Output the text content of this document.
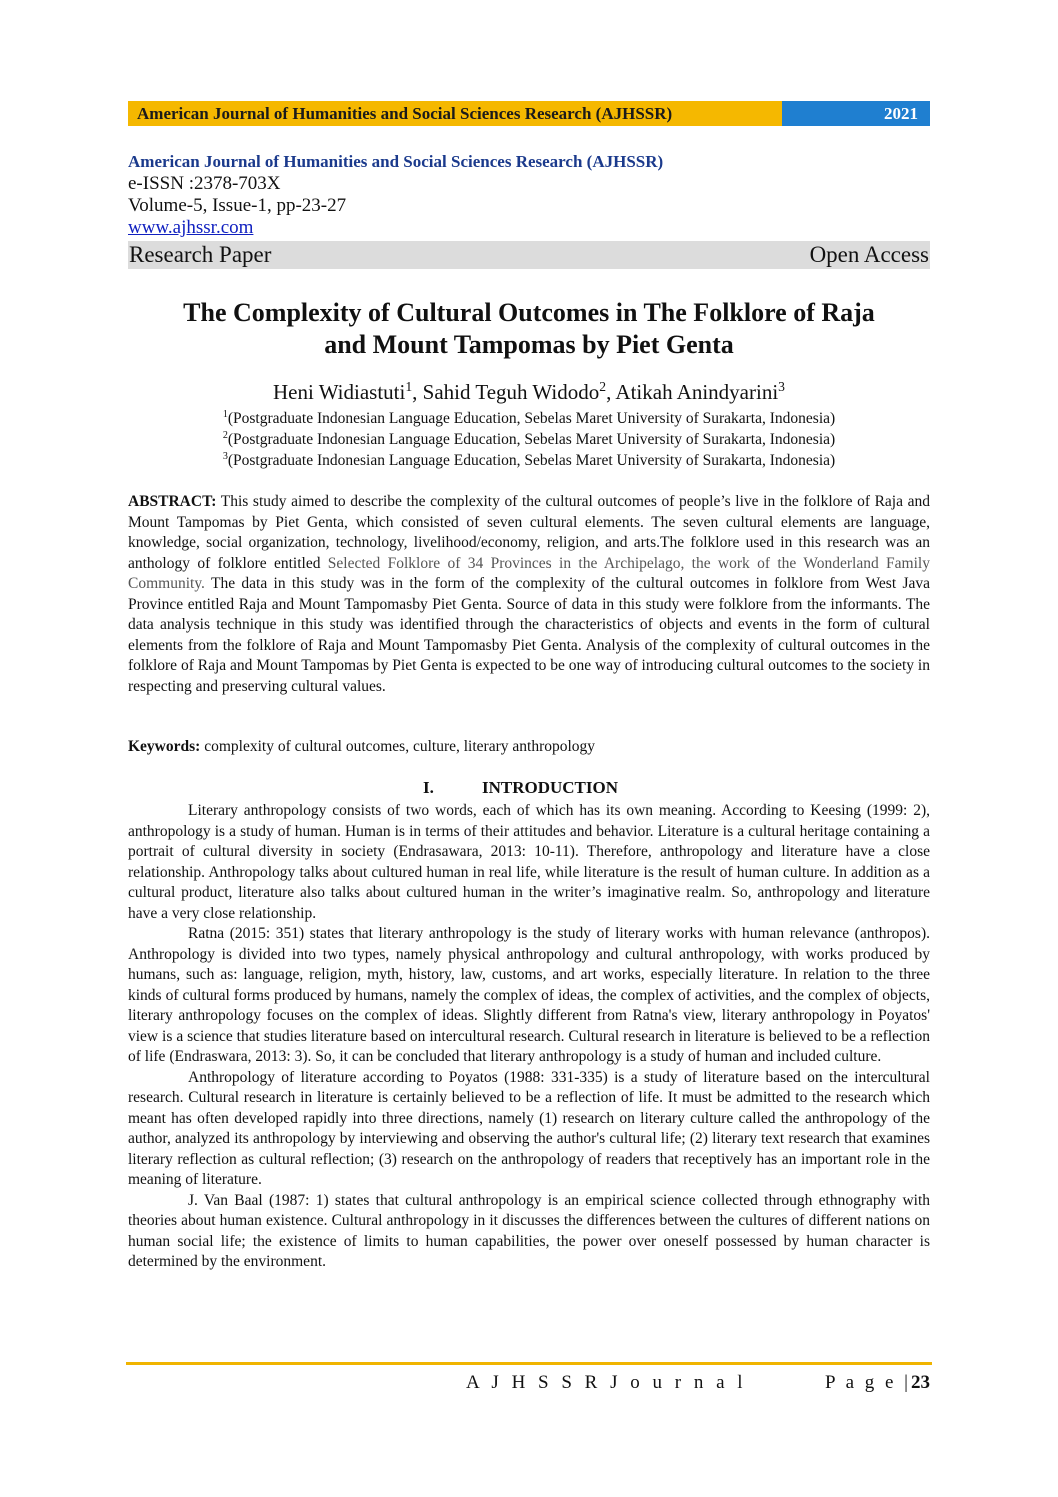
American Journal of Humanities and Social Sciences Research (AJHSSR)	2021
American Journal of Humanities and Social Sciences Research (AJHSSR)
e-ISSN :2378-703X
Volume-5, Issue-1, pp-23-27
www.ajhssr.com
Research Paper	Open Access
The Complexity of Cultural Outcomes in The Folklore of Raja
and Mount Tampomas by Piet Genta
Heni Widiastuti$^1$, Sahid Teguh Widodo$^2$, Atikah Anindyarini$^3$
$^1$(Postgraduate Indonesian Language Education, Sebelas Maret University of Surakarta, Indonesia)
$^2$(Postgraduate Indonesian Language Education, Sebelas Maret University of Surakarta, Indonesia)
$^3$(Postgraduate Indonesian Language Education, Sebelas Maret University of Surakarta, Indonesia)

ABSTRACT: This study aimed to describe the complexity of the cultural outcomes of people’s live in the folklore of Raja and Mount Tampomas by Piet Genta, which consisted of seven cultural elements. The seven cultural elements are language, knowledge, social organization, technology, livelihood/economy, religion, and arts.The folklore used in this research was an anthology of folklore entitled Selected Folklore of 34 Provinces in the Archipelago, the work of the Wonderland Family Community. The data in this study was in the form of the complexity of the cultural outcomes in folklore from West Java Province entitled Raja and Mount Tampomasby Piet Genta. Source of data in this study were folklore from the informants. The data analysis technique in this study was identified through the characteristics of objects and events in the form of cultural elements from the folklore of Raja and Mount Tampomasby Piet Genta. Analysis of the complexity of cultural outcomes in the folklore of Raja and Mount Tampomas by Piet Genta is expected to be one way of introducing cultural outcomes to the society in respecting and preserving cultural values.

Keywords: complexity of cultural outcomes, culture, literary anthropology
I.	INTRODUCTION

Literary anthropology consists of two words, each of which has its own meaning. According to Keesing (1999: 2), anthropology is a study of human. Human is in terms of their attitudes and behavior. Literature is a cultural heritage containing a portrait of cultural diversity in society (Endrasawara, 2013: 10-11). Therefore, anthropology and literature have a close relationship. Anthropology talks about cultured human in real life, while literature is the result of human culture. In addition as a cultural product, literature also talks about cultured human in the writer’s imaginative realm. So, anthropology and literature have a very close relationship.

Ratna (2015: 351) states that literary anthropology is the study of literary works with human relevance (anthropos). Anthropology is divided into two types, namely physical anthropology and cultural anthropology, with works produced by humans, such as: language, religion, myth, history, law, customs, and art works, especially literature. In relation to the three kinds of cultural forms produced by humans, namely the complex of ideas, the complex of activities, and the complex of objects, literary anthropology focuses on the complex of ideas. Slightly different from Ratna's view, literary anthropology in Poyatos' view is a science that studies literature based on intercultural research. Cultural research in literature is believed to be a reflection of life (Endraswara, 2013: 3). So, it can be concluded that literary anthropology is a study of human and included culture.

Anthropology of literature according to Poyatos (1988: 331-335) is a study of literature based on the intercultural research. Cultural research in literature is certainly believed to be a reflection of life. It must be admitted to the research which meant has often developed rapidly into three directions, namely (1) research on literary culture called the anthropology of the author, analyzed its anthropology by interviewing and observing the author's cultural life; (2) literary text research that examines literary reflection as cultural reflection; (3) research on the anthropology of readers that receptively has an important role in the meaning of literature.

J. Van Baal (1987: 1) states that cultural anthropology is an empirical science collected through ethnography with theories about human existence. Cultural anthropology in it discusses the differences between the cultures of different nations on human social life; the existence of limits to human capabilities, the power over oneself possessed by human character is determined by the environment.

A J H S S R J o u r n a l	P a g e |23
